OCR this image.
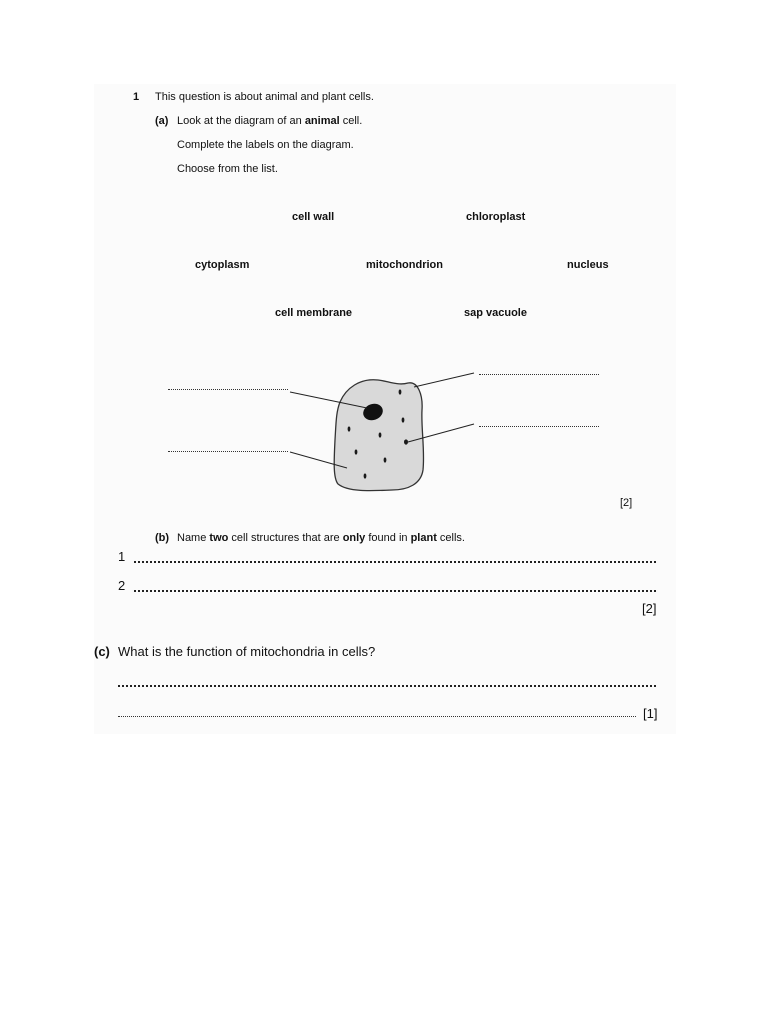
1 This question is about animal and plant cells.
(a) Look at the diagram of an animal cell.
Complete the labels on the diagram.
Choose from the list.
cell wall	chloroplast
cytoplasm	mitochondrion	nucleus
cell membrane	sap vacuole
[2]
(b) Name two cell structures that are only found in plant cells.
1
2
[2]
(c) What is the function of mitochondria in cells?
[1]
